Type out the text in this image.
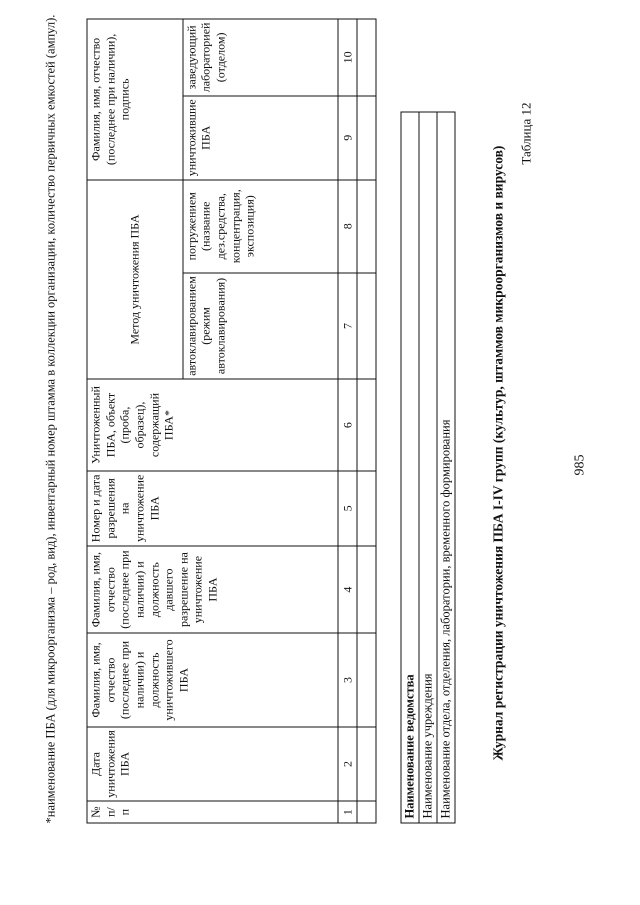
985
Таблица 12
Журнал регистрации уничтожения ПБА I-IV групп (культур, штаммов микроорганизмов и вирусов)
Наименование ведомства
Наименование учреждения
Наименование отдела, отделения, лаборатории, временного формирования
№ п/п	Дата уничтожения ПБА	Фамилия, имя, отчество (последнее при наличии) и должность уничтожившего ПБА	Фамилия, имя, отчество (последнее при наличии) и должность давшего разрешение на уничтожение ПБА	Номер и дата разрешения на уничтожение ПБА	Уничтоженный ПБА, объект (проба, образец), содержащий ПБА*	Метод уничтожения ПБА		Фамилия, имя, отчество (последнее при наличии), подпись	
						автоклавированием (режим автоклавирования)	погружением (название дез.средства, концентрация, экспозиция)	уничтожившие ПБА	заведующий лабораторией (отделом)
1	2	3	4	5	6	7	8	9	10

*наименование ПБА (для микроорганизма – род, вид), инвентарный номер штамма в коллекции организации, количество первичных емкостей (ампул).
